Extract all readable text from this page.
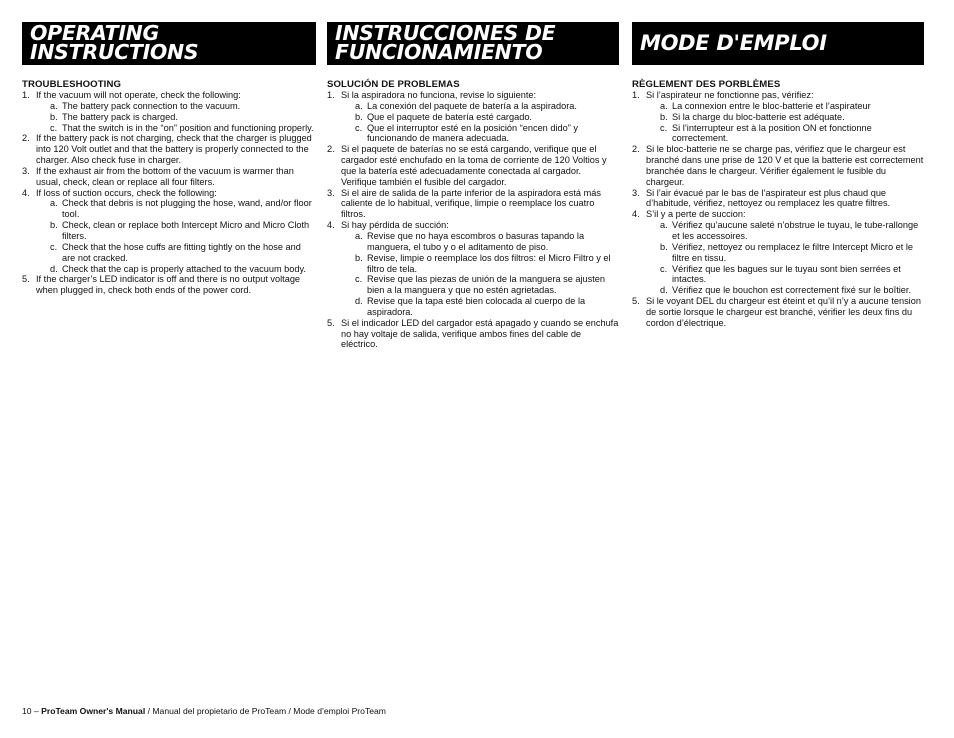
OPERATING
INSTRUCTIONS
TROUBLESHOOTING
1. If the vacuum will not operate, check the following:
a. The battery pack connection to the vacuum.
b. The battery pack is charged.
c. That the switch is in the “on” position and functioning properly.
2. If the battery pack is not charging, check that the charger is plugged into 120 Volt outlet and that the battery is properly connected to the charger. Also check fuse in charger.
3. If the exhaust air from the bottom of the vacuum is warmer than usual, check, clean or replace all four filters.
4. If loss of suction occurs, check the following:
a. Check that debris is not plugging the hose, wand, and/or floor tool.
b. Check, clean or replace both Intercept Micro and Micro Cloth filters.
c. Check that the hose cuffs are fitting tightly on the hose and are not cracked.
d. Check that the cap is properly attached to the vacuum body.
5. If the charger’s LED indicator is off and there is no output voltage when plugged in, check both ends of the power cord.
INSTRUCCIONES DE
FUNCIONAMIENTO
SOLUCIÓN DE PROBLEMAS
1. Si la aspiradora no funciona, revise lo siguiente:
a. La conexión del paquete de batería a la aspiradora.
b. Que el paquete de batería esté cargado.
c. Que el interruptor esté en la posición “encen dido” y funcionando de manera adecuada.
2. Si el paquete de baterías no se está cargando, verifique que el cargador esté enchufado en la toma de corriente de 120 Voltios y que la batería esté adecuadamente conectada al cargador. Verifique también el fusible del cargador.
3. Si el aire de salida de la parte inferior de la aspiradora está más caliente de lo habitual, verifique, limpie o reemplace los cuatro filtros.
4. Si hay pérdida de succión:
a. Revise que no haya escombros o basuras tapando la manguera, el tubo y o el aditamento de piso.
b. Revise, limpie o reemplace los dos filtros: el Micro Filtro y el filtro de tela.
c. Revise que las piezas de unión de la manguera se ajusten bien a la manguera y que no estén agrietadas.
d. Revise que la tapa esté bien colocada al cuerpo de la aspiradora.
5. Si el indicador LED del cargador está apagado y cuando se enchufa no hay voltaje de salida, verifique ambos fines del cable de eléctrico.
MODE D'EMPLOI
RÈGLEMENT DES PORBLÈMES
1. Si l’aspirateur ne fonctionne pas, vérifiez:
a. La connexion entre le bloc-batterie et l’aspirateur
b. Si la charge du bloc-batterie est adéquate.
c. Si l’interrupteur est à la position ON et fonctionne correctement.
2. Si le bloc-batterie ne se charge pas, vérifiez que le chargeur est branché dans une prise de 120 V et que la batterie est correctement branchée dans le chargeur. Vérifier également le fusible du chargeur.
3. Si l’air évacué par le bas de l’aspirateur est plus chaud que d’habitude, vérifiez, nettoyez ou remplacez les quatre filtres.
4. S’il y a perte de succion:
a. Vérifiez qu’aucune saleté n’obstrue le tuyau, le tube-rallonge et les accessoires.
b. Vérifiez, nettoyez ou remplacez le filtre Intercept Micro et le filtre en tissu.
c. Vérifiez que les bagues sur le tuyau sont bien serrées et intactes.
d. Vérifiez que le bouchon est correctement fixé sur le boîtier.
5. Si le voyant DEL du chargeur est éteint et qu’il n’y a aucune tension de sortie lorsque le chargeur est branché, vérifier les deux fins du cordon d’électrique.
10 – ProTeam Owner's Manual / Manual del propietario de ProTeam / Mode d’emploi ProTeam
